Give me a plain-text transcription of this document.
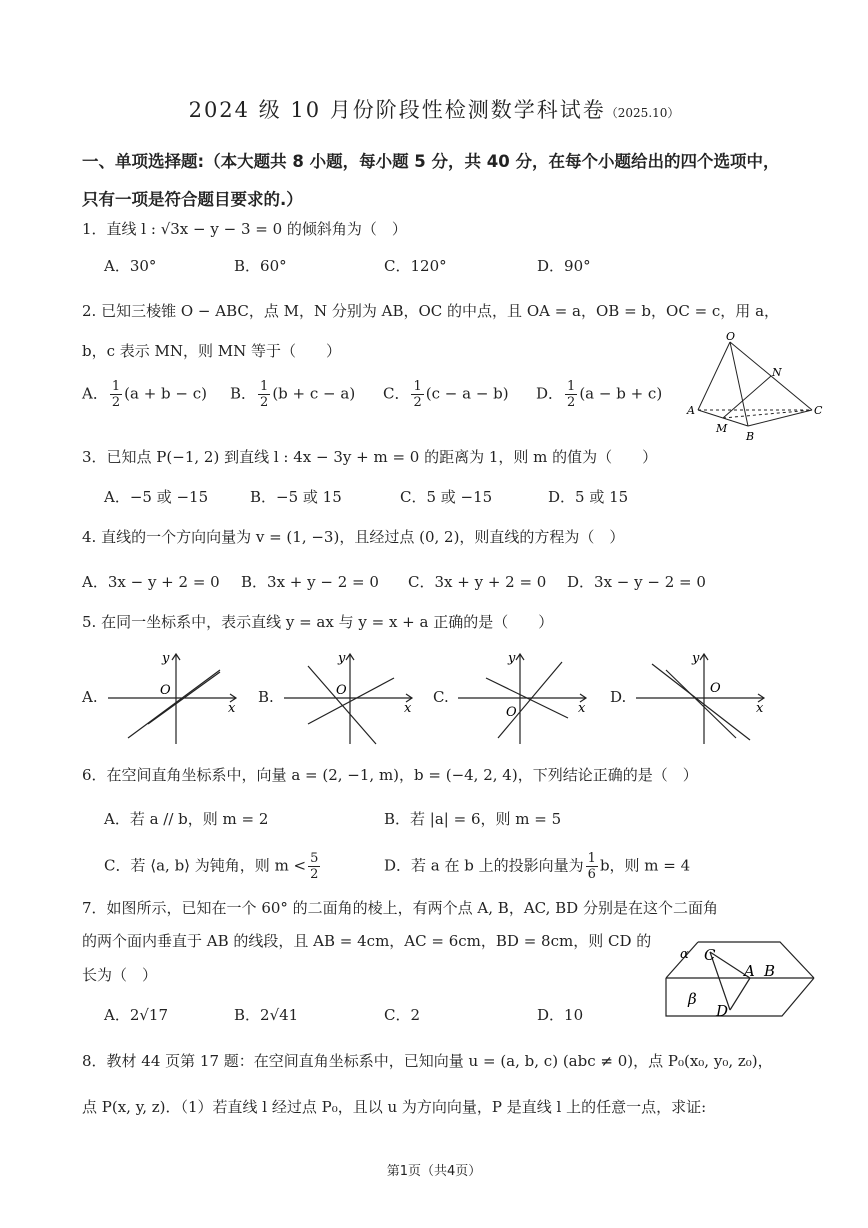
2024 级 10 月份阶段性检测数学科试卷（2025.10）
一、单项选择题:（本大题共 8 小题，每小题 5 分，共 40 分，在每个小题给出的四个选项中，
只有一项是符合题目要求的.）
1．直线 l : √3x − y − 3 = 0 的倾斜角为（　）
A．30°	B．60°	C．120°	D．90°
2. 已知三棱锥 O − ABC，点 M，N 分别为 AB，OC 的中点，且 OA = a，OB = b，OC = c，用 a，
b，c 表示 MN，则 MN 等于（　　）
A． $\frac{1}{2} (a + b - c)$ B． $\frac{1}{2} (b + c - a)$ C． $\frac{1}{2} (c - a - b)$ D． $\frac{1}{2} (a - b + c)$
O
N
A	C
M
B
3．已知点 P(−1, 2) 到直线 l : 4x − 3y + m = 0 的距离为 1，则 m 的值为（　　）
A．−5 或 −15	B．−5 或 15	C．5 或 −15	D．5 或 15
4. 直线的一个方向向量为 v = (1, −3)，且经过点 (0, 2)，则直线的方程为（　）
A．3x − y + 2 = 0 B．3x + y − 2 = 0 C．3x + y + 2 = 0 D．3x − y − 2 = 0
5. 在同一坐标系中，表示直线 y = ax 与 y = x + a 正确的是（　　）
A.
y
x
O	B.
y
x
O	C.
y
x
O
D.
y
x
O
6．在空间直角坐标系中，向量 a = (2, −1, m)，b = (−4, 2, 4)，下列结论正确的是（　）
A．若 a // b，则 m = 2	B．若 |a| = 6，则 m = 5
C．若 ⟨a, b⟩ 为钝角，则 $m < \frac{5}{2}$	D．若 a 在 b 上的投影向量为 $\frac{1}{6}$ b，则 m = 4
7．如图所示，已知在一个 60° 的二面角的棱上，有两个点 A, B，AC, BD 分别是在这个二面角
的两个面内垂直于 AB 的线段，且 AB = 4cm，AC = 6cm，BD = 8cm，则 CD 的
长为（　）
A．2√17	B．2√41	C．2	D．10
α C
A B
β
D
8．教材 44 页第 17 题：在空间直角坐标系中，已知向量 u = (a, b, c) (abc ≠ 0)，点 P₀(x₀, y₀, z₀)，
点 P(x, y, z)．（1）若直线 l 经过点 P₀，且以 u 为方向向量，P 是直线 l 上的任意一点，求证:
第1页（共4页）
